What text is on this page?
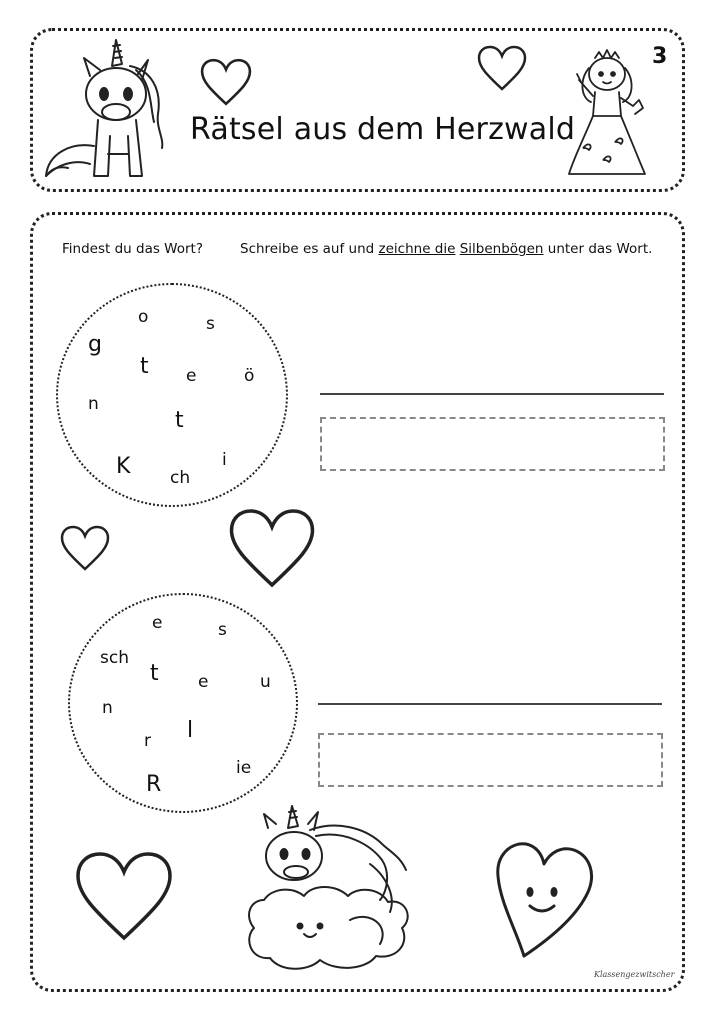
Rätsel aus dem Herzwald
3
Findest du das Wort?	Schreibe es auf und zeichne die Silbenbögen unter das Wort.
o	s
g
t e	ö
n
t
K ch
i
e	s
sch
t e	u
n
l
r
ie
R
Klassengezwitscher
